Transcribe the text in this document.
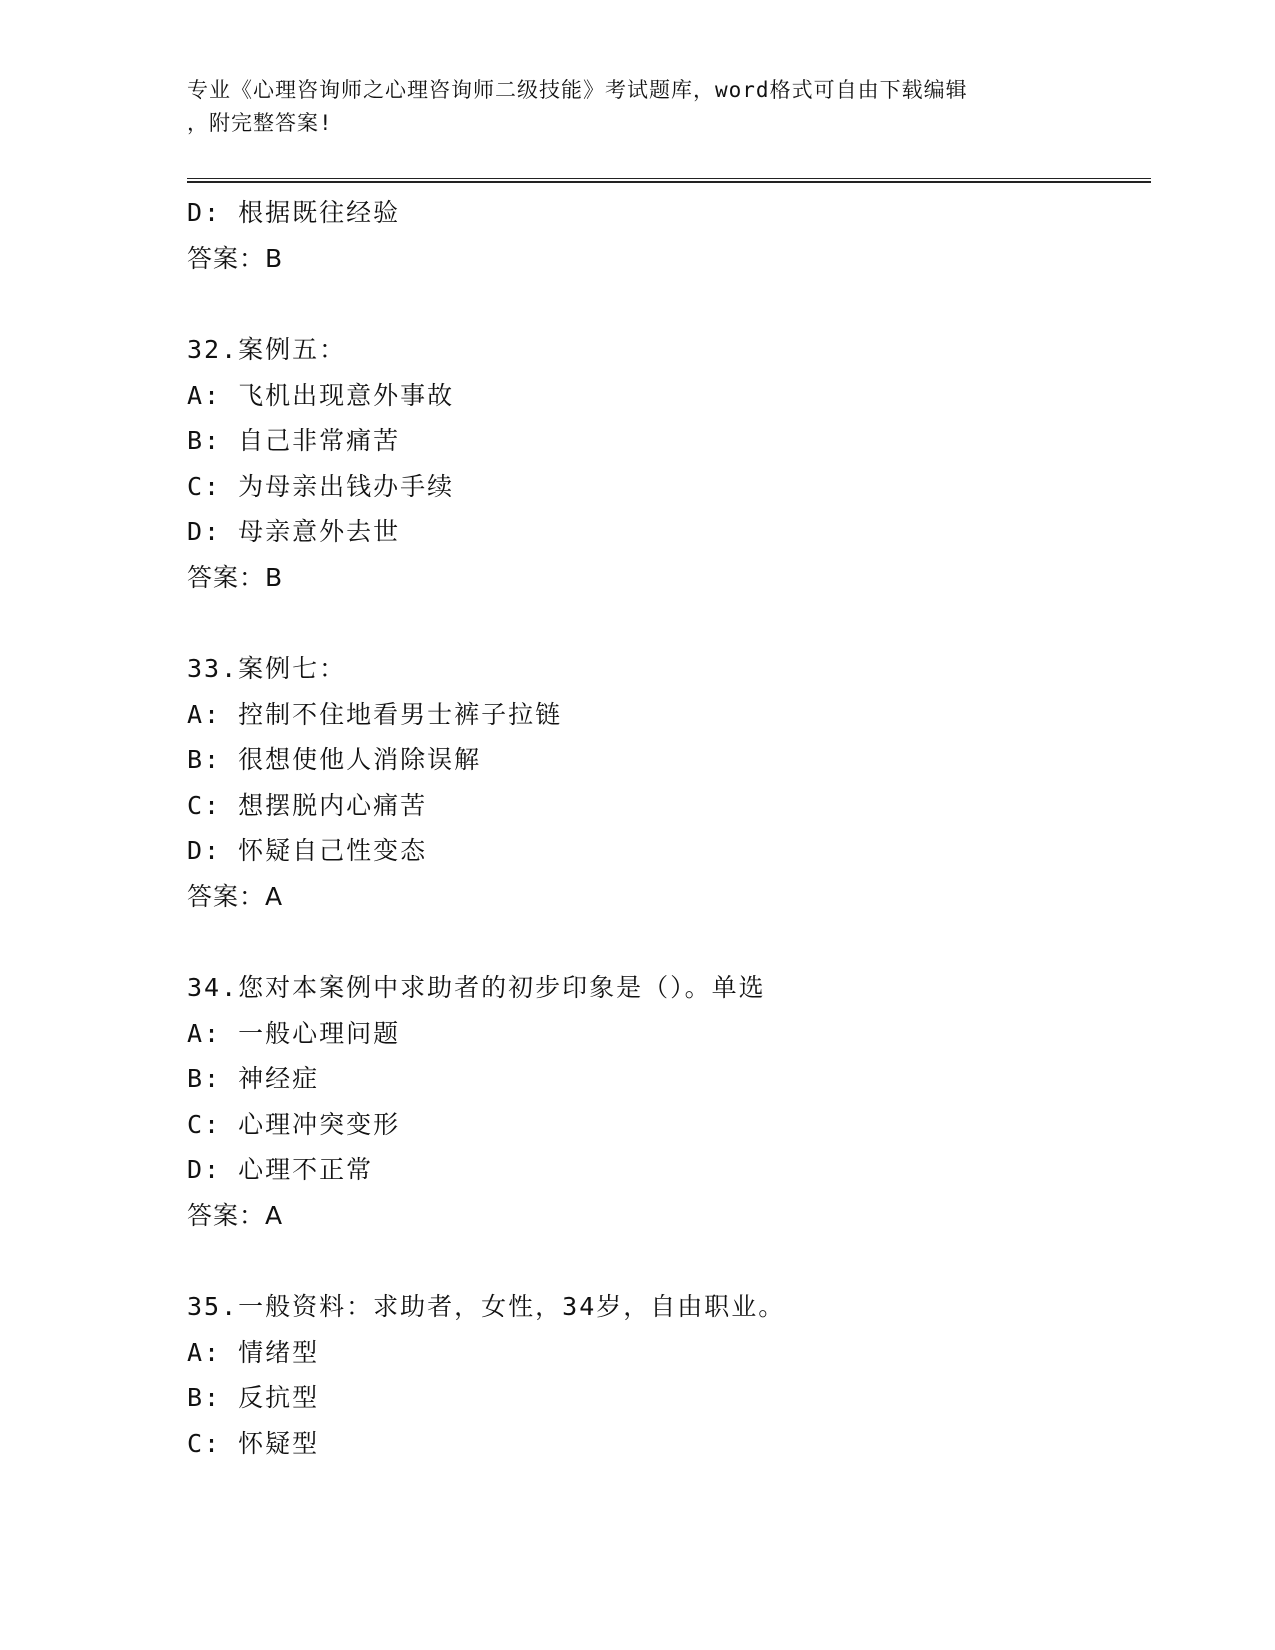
专业《心理咨询师之心理咨询师二级技能》考试题库，word格式可自由下载编辑
，附完整答案!
D: 根据既往经验
答案：B
32.案例五：
A: 飞机出现意外事故
B: 自己非常痛苦
C: 为母亲出钱办手续
D: 母亲意外去世
答案：B
33.案例七：
A: 控制不住地看男士裤子拉链
B: 很想使他人消除误解
C: 想摆脱内心痛苦
D: 怀疑自己性变态
答案：A
34.您对本案例中求助者的初步印象是（）。单选
A: 一般心理问题
B: 神经症
C: 心理冲突变形
D: 心理不正常
答案：A
35.一般资料：求助者，女性，34岁，自由职业。
A: 情绪型
B: 反抗型
C: 怀疑型
